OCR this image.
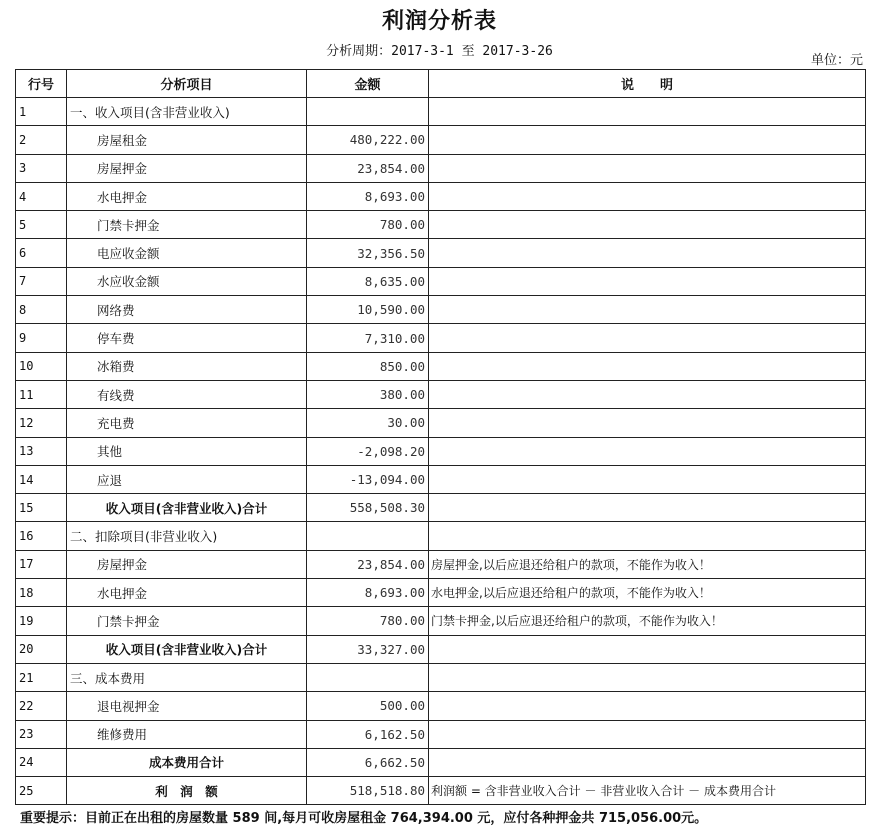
利润分析表
分析周期：2017-3-1 至 2017-3-26
单位：元
行号	分析项目	金额	说　　明
1	一、收入项目(含非营业收入)		
2	房屋租金	480,222.00	
3	房屋押金	23,854.00	
4	水电押金	8,693.00	
5	门禁卡押金	780.00	
6	电应收金额	32,356.50	
7	水应收金额	8,635.00	
8	网络费	10,590.00	
9	停车费	7,310.00	
10	冰箱费	850.00	
11	有线费	380.00	
12	充电费	30.00	
13	其他	-2,098.20	
14	应退	-13,094.00	
15	收入项目(含非营业收入)合计	558,508.30	
16	二、扣除项目(非营业收入)		
17	房屋押金	23,854.00	房屋押金,以后应退还给租户的款项，不能作为收入！
18	水电押金	8,693.00	水电押金,以后应退还给租户的款项，不能作为收入！
19	门禁卡押金	780.00	门禁卡押金,以后应退还给租户的款项，不能作为收入！
20	收入项目(含非营业收入)合计	33,327.00	
21	三、成本费用		
22	退电视押金	500.00	
23	维修费用	6,162.50	
24	成本费用合计	6,662.50	
25	利　润　额	518,518.80	利润额 = 含非营业收入合计 － 非营业收入合计 － 成本费用合计
重要提示：目前正在出租的房屋数量 589 间,每月可收房屋租金 764,394.00 元，应付各种押金共 715,056.00元。
